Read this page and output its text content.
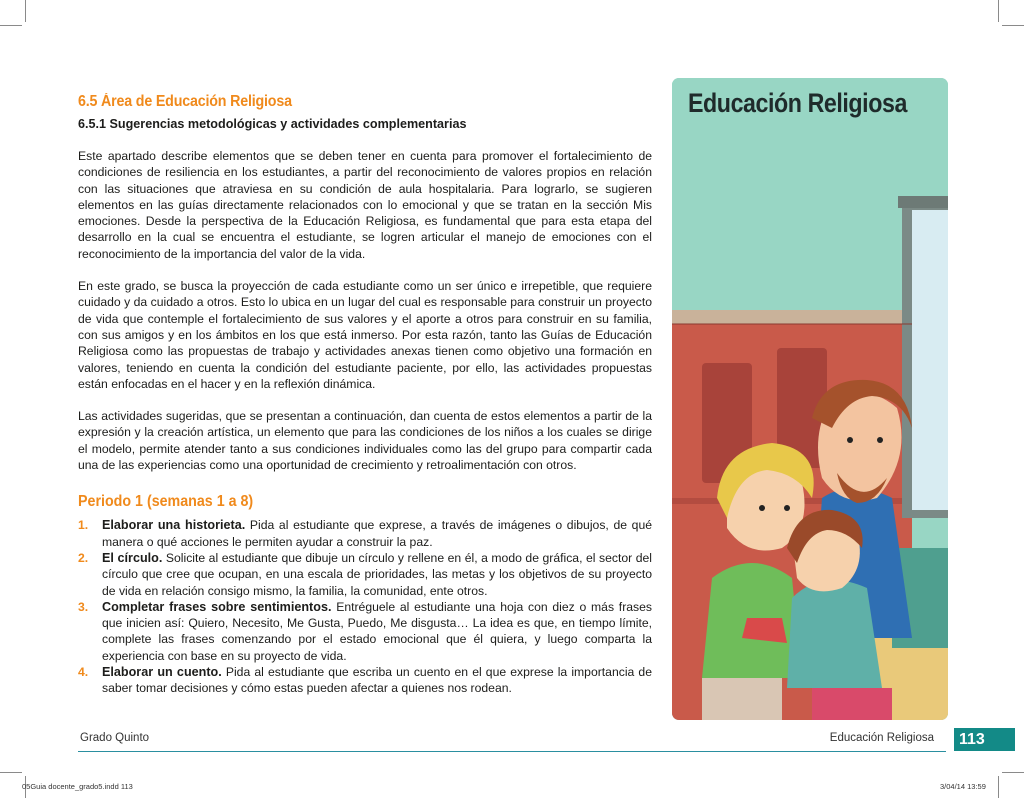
6.5 Área de Educación Religiosa
6.5.1 Sugerencias metodológicas y actividades complementarias

Este apartado describe elementos que se deben tener en cuenta para promover el fortalecimiento de condiciones de resiliencia en los estudiantes, a partir del reconocimiento de valores propios en relación con las situaciones que atraviesa en su condición de aula hospitalaria. Para lograrlo, se sugieren elementos en las guías directamente relacionados con lo emocional y que se tratan en la sección Mis emociones. Desde la perspectiva de la Educación Religiosa, es fundamental que para esta etapa del desarrollo en la cual se encuentra el estudiante, se logren articular el manejo de emociones con el reconocimiento de la importancia del valor de la vida.

En este grado, se busca la proyección de cada estudiante como un ser único e irrepetible, que requiere cuidado y da cuidado a otros. Esto lo ubica en un lugar del cual es responsable para construir un proyecto de vida que contemple el fortalecimiento de sus valores y el aporte a otros para construir en su familia, con sus amigos y en los ámbitos en los que está inmerso. Por esta razón, tanto las Guías de Educación Religiosa como las propuestas de trabajo y actividades anexas tienen como objetivo una formación en valores, teniendo en cuenta la condición del estudiante paciente, por ello, las actividades propuestas están enfocadas en el hacer y en la reflexión dinámica.

Las actividades sugeridas, que se presentan a continuación, dan cuenta de estos elementos a partir de la expresión y la creación artística, un elemento que para las condiciones de los niños a los cuales se dirige el modelo, permite atender tanto a sus condiciones individuales como las del grupo para compartir cada una de las experiencias como una oportunidad de crecimiento y retroalimentación con otros.

Periodo 1 (semanas 1 a 8)
1. Elaborar una historieta. Pida al estudiante que exprese, a través de imágenes o dibujos, de qué manera o qué acciones le permiten ayudar a construir la paz.
2. El círculo. Solicite al estudiante que dibuje un círculo y rellene en él, a modo de gráfica, el sector del círculo que cree que ocupan, en una escala de prioridades, las metas y los objetivos de su proyecto de vida en relación consigo mismo, la familia, la comunidad, ente otros.
3. Completar frases sobre sentimientos. Entréguele al estudiante una hoja con diez o más frases que inicien así: Quiero, Necesito, Me Gusta, Puedo, Me disgusta… La idea es que, en tiempo límite, complete las frases comenzando por el estado emocional que él quiera, y luego comparta la experiencia con base en su proyecto de vida.
4. Elaborar un cuento. Pida al estudiante que escriba un cuento en el que exprese la importancia de saber tomar decisiones y cómo estas pueden afectar a quienes nos rodean.
Educación Religiosa
Grado Quinto	Educación Religiosa	113
05Guia docente_grado5.indd 113	3/04/14 13:59
